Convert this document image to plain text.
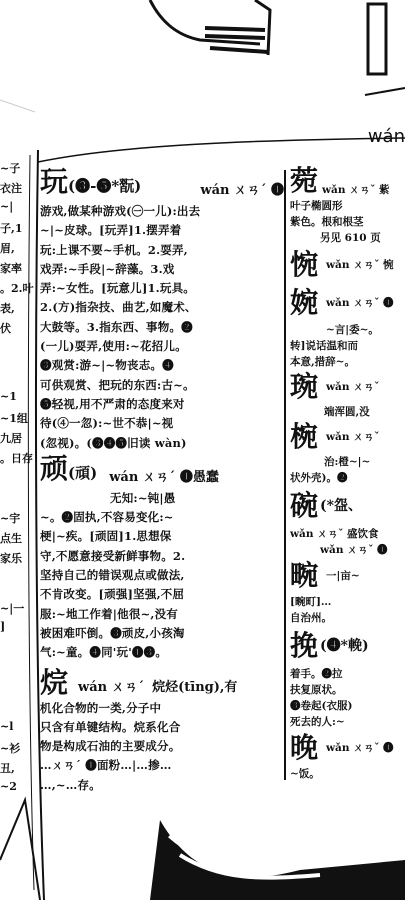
~子
衣注
~|
子,1
眉,
家率
。2.叶
表,
伏
~1
~1组
九居
。日存
~宇
点生
家乐
~|一
]
~l
~衫
丑,
~2
wán
玩(❸-❺*翫)	wán ㄨㄢˊ ❶
游戏,做某种游戏(㊀一儿):出去
~|~皮球。[玩弄]1.摆弄着
玩:上课不要~手机。2.耍弄,
戏弄:~手段|~辞藻。3.戏
弄:~女性。[玩意儿]1.玩具。
2.(方)指杂技、曲艺,如魔术、
大鼓等。3.指东西、事物。❷
(一儿)耍弄,使用:~花招儿。
❸观赏:游~|~物丧志。❹
可供观赏、把玩的东西:古~。
❺轻视,用不严肃的态度来对
待(④一忽):~世不恭|~视
(忽视)。(❸❹❺旧读 wàn)
顽(頑) wán ㄨㄢˊ ❶愚蠢
无知:~钝|愚
~。❷固执,不容易变化:~
梗|~疾。[顽固]1.思想保
守,不愿意接受新鲜事物。2.
坚持自己的错误观点或做法,
不肯改变。[顽强]坚强,不屈
服:~地工作着|他很~,没有
被困难吓倒。❸顽皮,小孩淘
气:~童。❹同'玩'❶❸。
烷 wán ㄨㄢˊ 烷烃(tīng),有
机化合物的一类,分子中
只含有单键结构。烷系化合
物是构成石油的主要成分。
…ㄨㄢˊ ❶面粉…|…掺…
…,~…存。
菀 wǎn ㄨㄢˇ 紫
叶子椭圆形
紫色。根和根茎
另见 610 页
惋 wǎn ㄨㄢˇ 惋
婉 wǎn ㄨㄢˇ ❶
~言|委~。
转]说话温和而
本意,措辞~。
琬 wǎn ㄨㄢˇ
端浑圆,没
椀 wǎn ㄨㄢˇ
治:橙~|~
状外壳)。❷
碗 (*盌、
wǎn ㄨㄢˇ 盛饮食
wǎn ㄨㄢˇ ❶
畹 一|亩~
[畹町]…
自治州。
挽 (❹*輓)
着手。❷拉
扶复原状。
❸卷起(衣服)
死去的人:~
晚 wǎn ㄨㄢˇ ❶
~饭。
